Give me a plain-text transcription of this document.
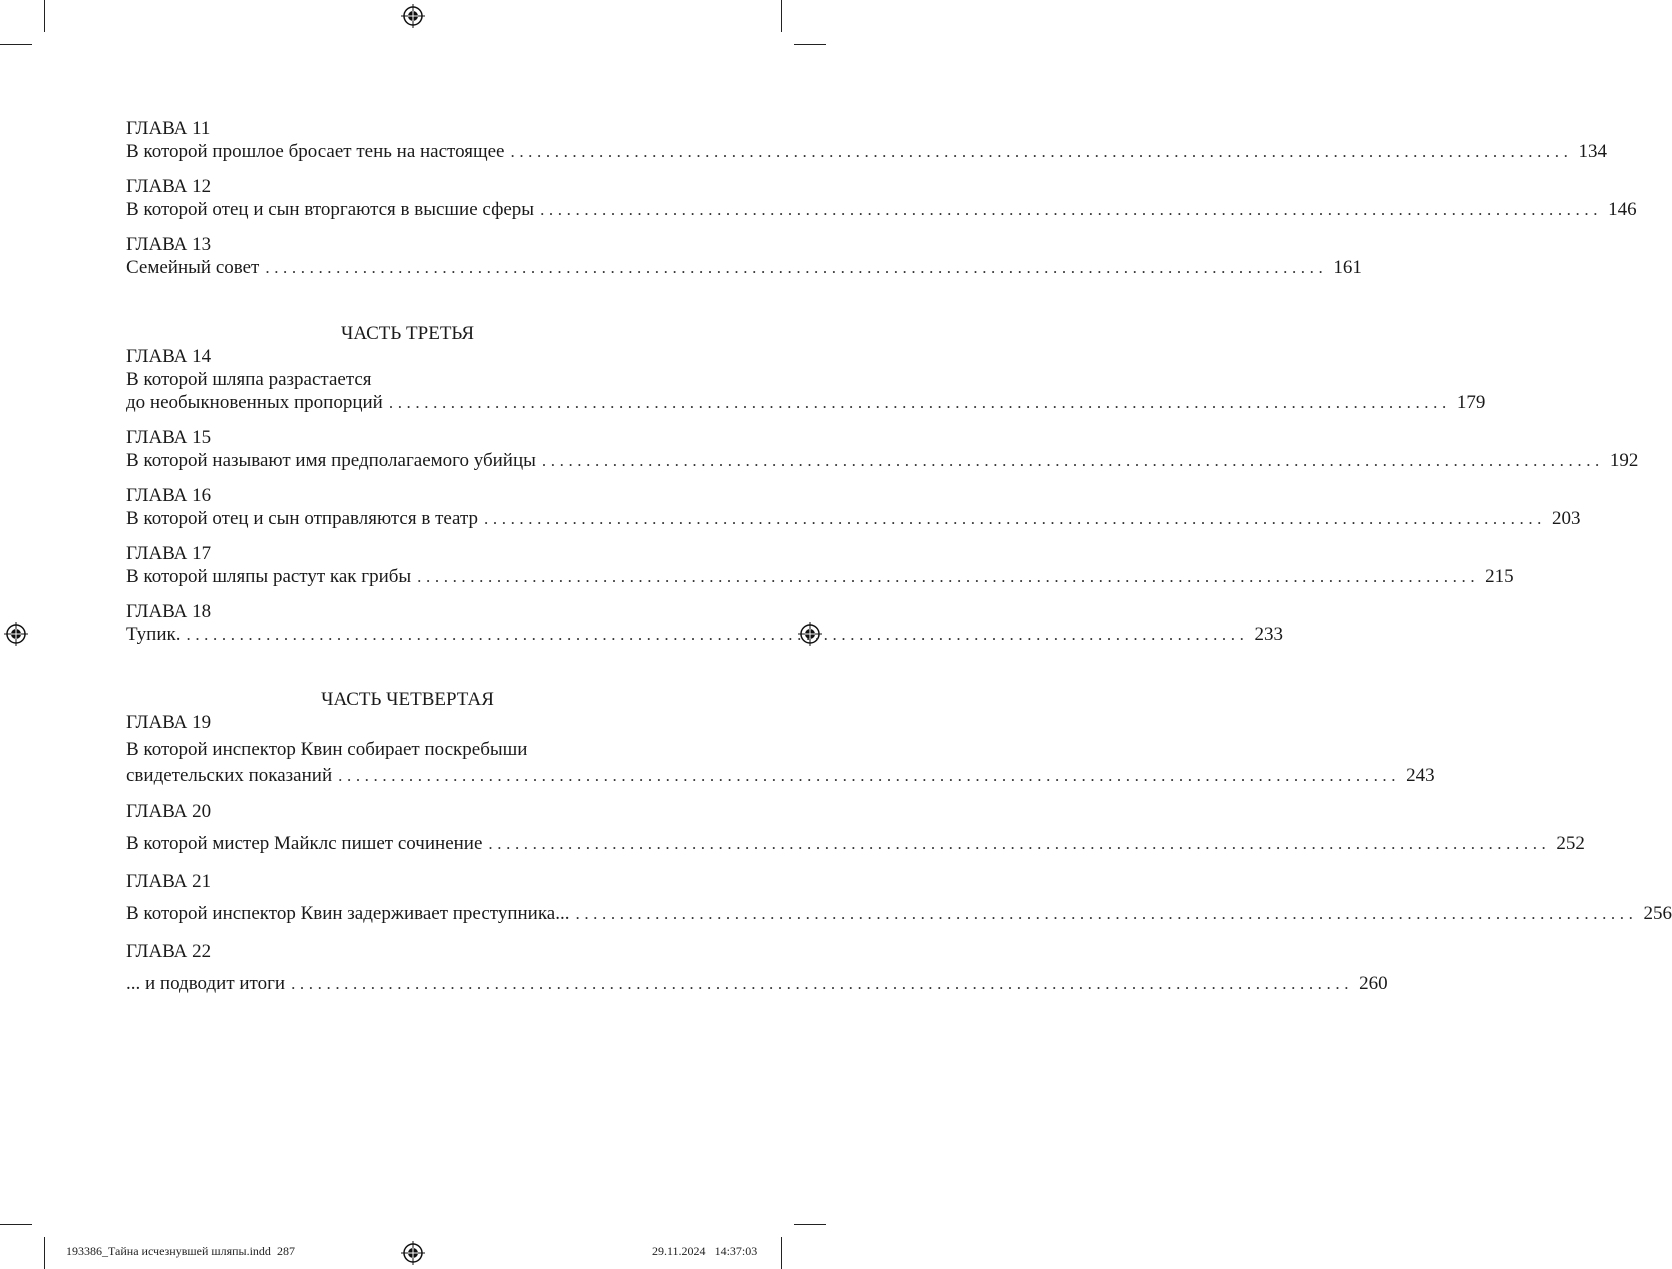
ГЛАВА 11
В которой прошлое бросает тень на настоящее ........................................................................................................................ 134
ГЛАВА 12
В которой отец и сын вторгаются в высшие сферы ........................................................................................................................ 146
ГЛАВА 13
Семейный совет ........................................................................................................................ 161
ЧАСТЬ ТРЕТЬЯ
ГЛАВА 14
В которой шляпа разрастается
до необыкновенных пропорций ........................................................................................................................ 179
ГЛАВА 15
В которой называют имя предполагаемого убийцы ........................................................................................................................ 192
ГЛАВА 16
В которой отец и сын отправляются в театр ........................................................................................................................ 203
ГЛАВА 17
В которой шляпы растут как грибы ........................................................................................................................ 215
ГЛАВА 18
Тупик. ........................................................................................................................ 233
ЧАСТЬ ЧЕТВЕРТАЯ
ГЛАВА 19
В которой инспектор Квин собирает поскребыши
свидетельских показаний ........................................................................................................................ 243
ГЛАВА 20
В которой мистер Майклс пишет сочинение ........................................................................................................................ 252
ГЛАВА 21
В которой инспектор Квин задерживает преступника... ........................................................................................................................ 256
ГЛАВА 22
... и подводит итоги ........................................................................................................................ 260
193386_Тайна исчезнувшей шляпы.indd 287	29.11.2024 14:37:03
